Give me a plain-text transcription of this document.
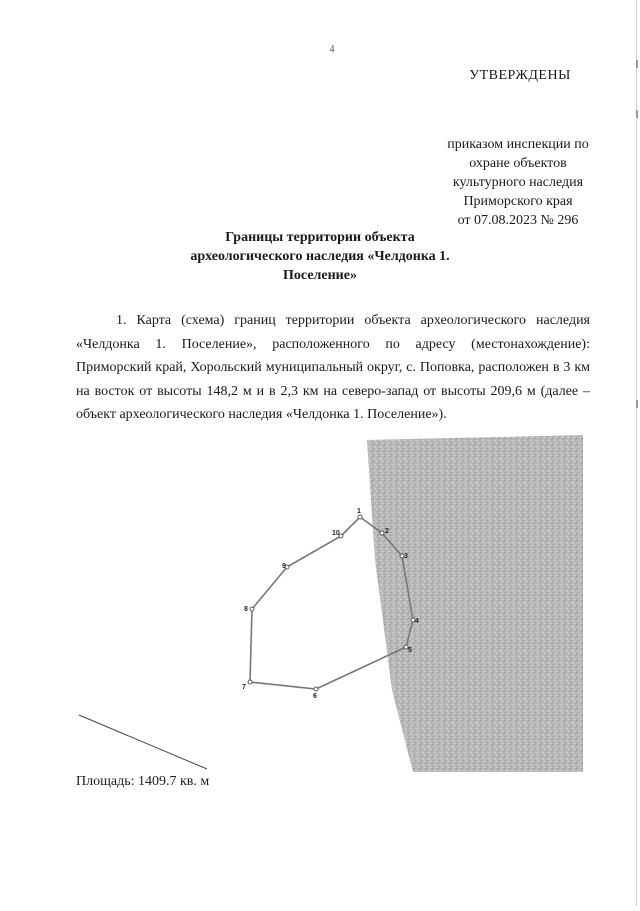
4
УТВЕРЖДЕНЫ
приказом инспекции по
охране объектов
культурного наследия
Приморского края
от 07.08.2023 № 296
Границы территории объекта
археологического наследия «Челдонка 1.
Поселение»
1. Карта (схема) границ территории объекта археологического наследия «Челдонка 1. Поселение», расположенного по адресу (местонахождение): Приморский край, Хорольский муниципальный округ, с. Поповка, расположен в 3 км на восток от высоты 148,2 м и в 2,3 км на северо-запад от высоты 209,6 м (далее – объект археологического наследия «Челдонка 1. Поселение»).
1
2
3
4
5
6
7
8
9
10
Площадь: 1409.7 кв. м
